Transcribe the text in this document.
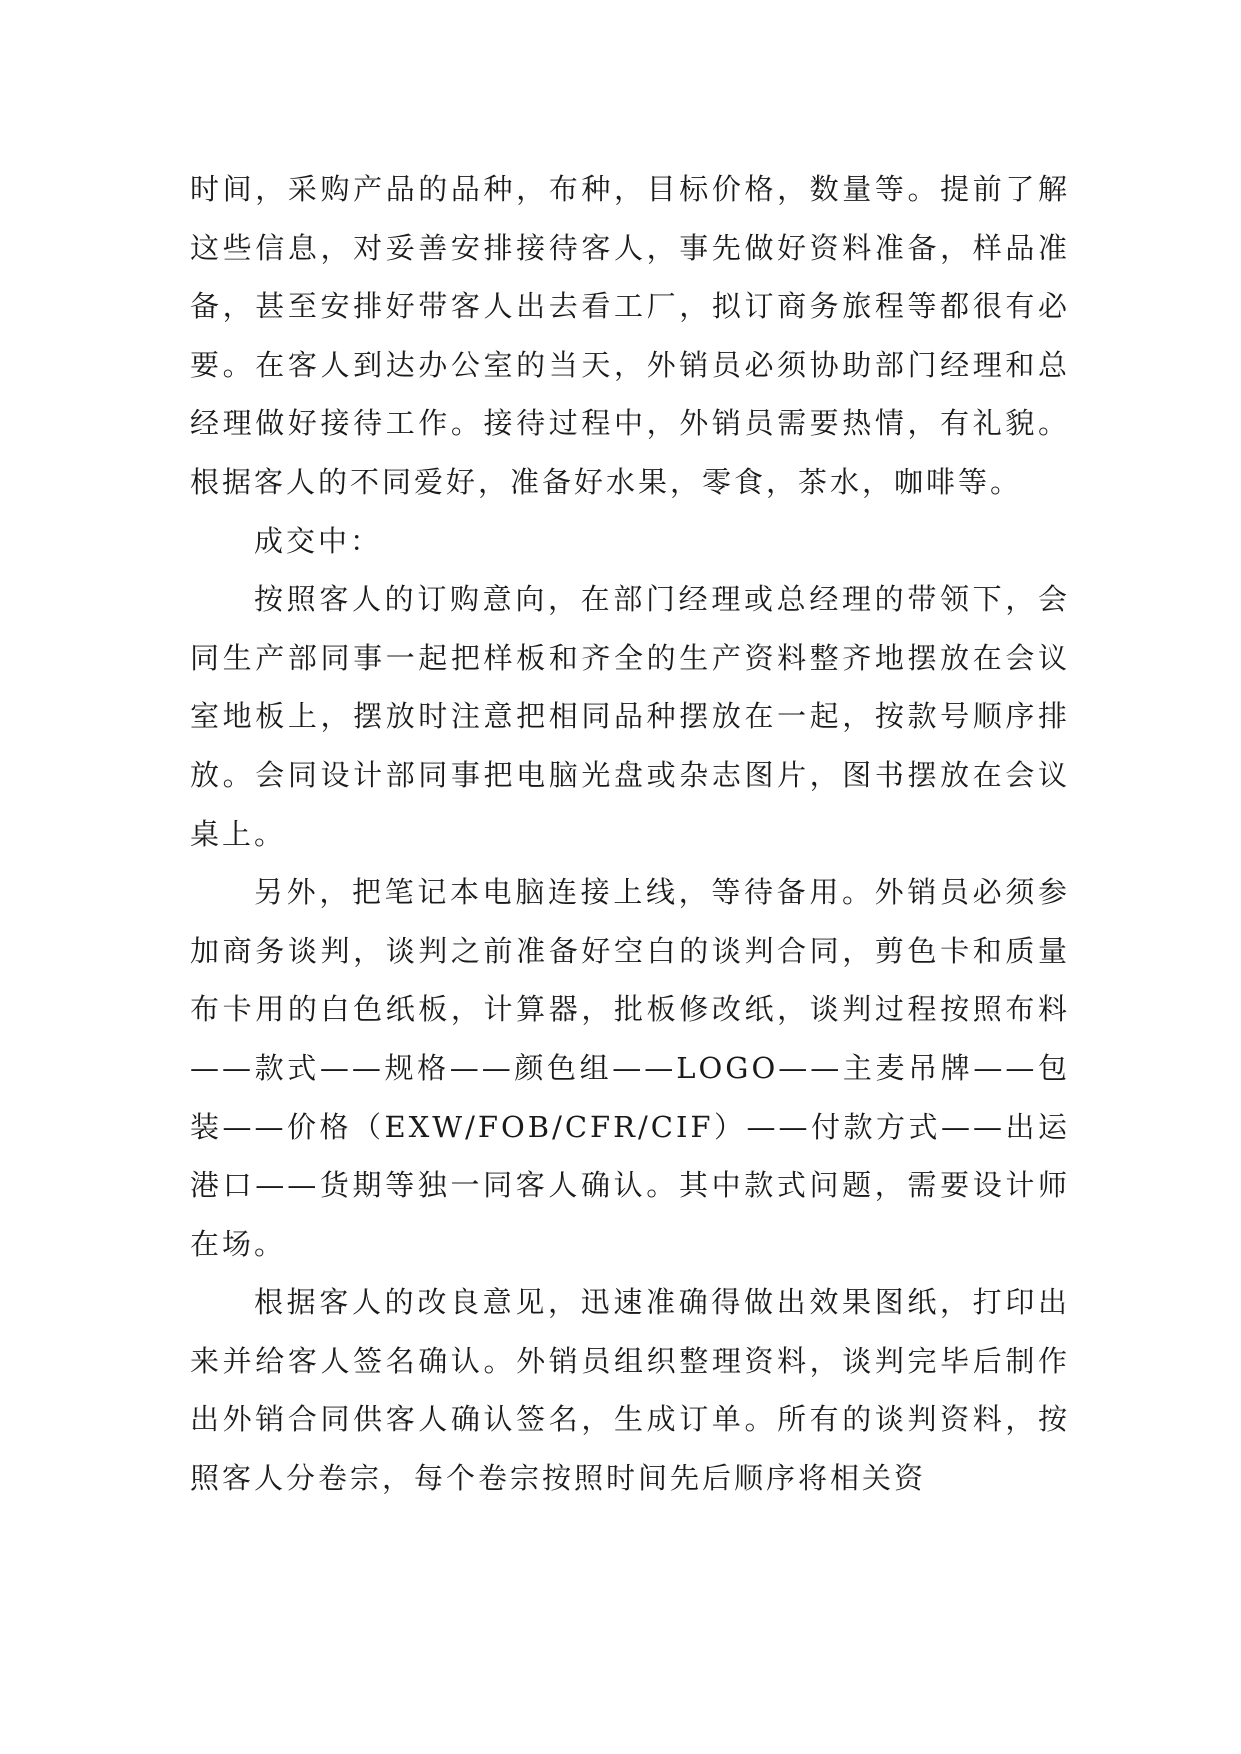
时间，采购产品的品种，布种，目标价格，数量等。提前了解这些信息，对妥善安排接待客人，事先做好资料准备，样品准备，甚至安排好带客人出去看工厂，拟订商务旅程等都很有必要。在客人到达办公室的当天，外销员必须协助部门经理和总经理做好接待工作。接待过程中，外销员需要热情，有礼貌。根据客人的不同爱好，准备好水果，零食，茶水，咖啡等。

成交中：

按照客人的订购意向，在部门经理或总经理的带领下，会同生产部同事一起把样板和齐全的生产资料整齐地摆放在会议室地板上，摆放时注意把相同品种摆放在一起，按款号顺序排放。会同设计部同事把电脑光盘或杂志图片，图书摆放在会议桌上。

另外，把笔记本电脑连接上线，等待备用。外销员必须参加商务谈判，谈判之前准备好空白的谈判合同，剪色卡和质量布卡用的白色纸板，计算器，批板修改纸，谈判过程按照布料——款式——规格——颜色组——LOGO——主麦吊牌——包装——价格（EXW/FOB/CFR/CIF）——付款方式——出运港口——货期等独一同客人确认。其中款式问题，需要设计师在场。

根据客人的改良意见，迅速准确得做出效果图纸，打印出来并给客人签名确认。外销员组织整理资料，谈判完毕后制作出外销合同供客人确认签名，生成订单。所有的谈判资料，按照客人分卷宗，每个卷宗按照时间先后顺序将相关资
